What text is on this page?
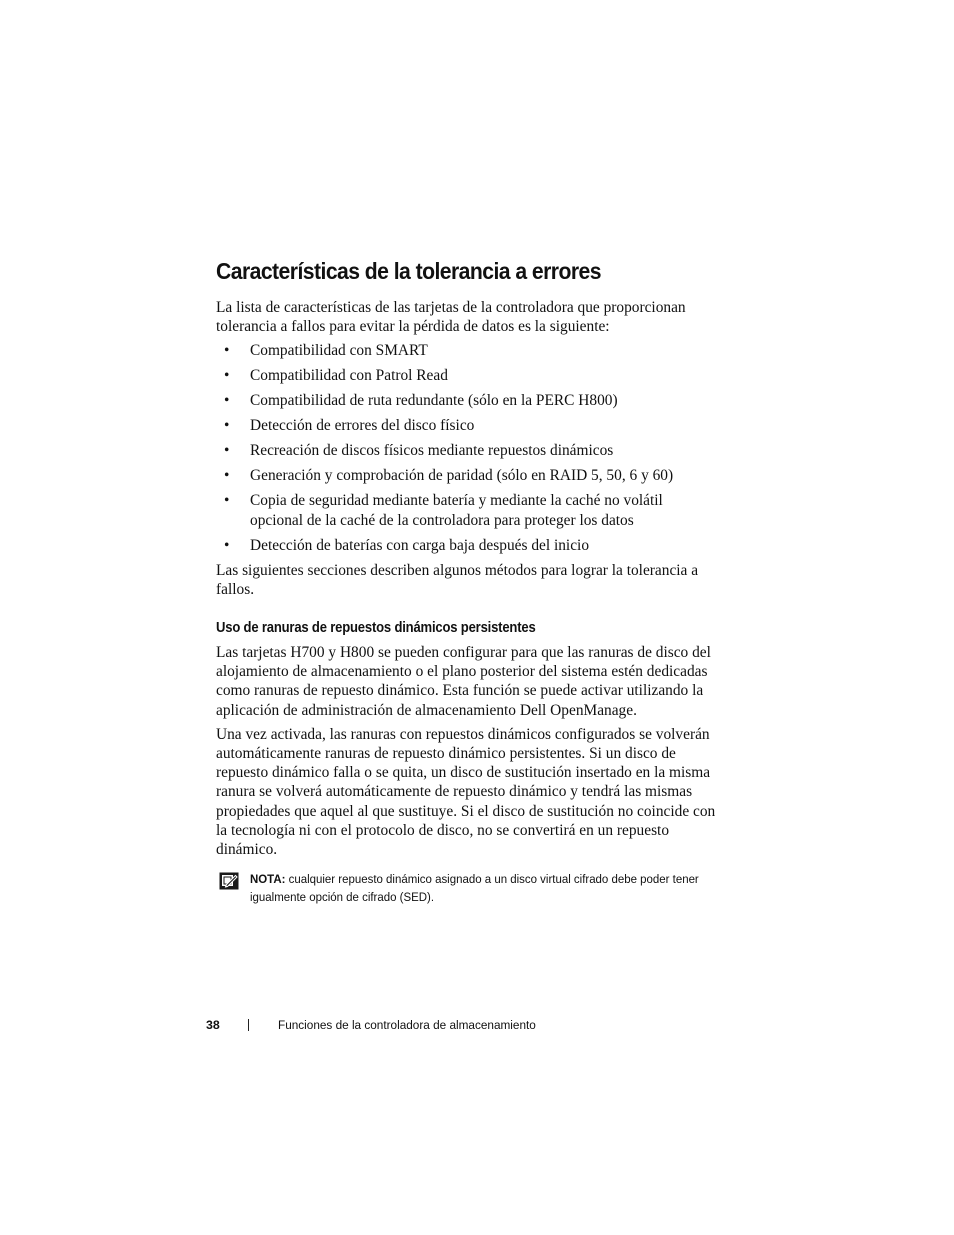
Características de la tolerancia a errores

La lista de características de las tarjetas de la controladora que proporcionan tolerancia a fallos para evitar la pérdida de datos es la siguiente:

• Compatibilidad con SMART
• Compatibilidad con Patrol Read
• Compatibilidad de ruta redundante (sólo en la PERC H800)
• Detección de errores del disco físico
• Recreación de discos físicos mediante repuestos dinámicos
• Generación y comprobación de paridad (sólo en RAID 5, 50, 6 y 60)
• Copia de seguridad mediante batería y mediante la caché no volátil opcional de la caché de la controladora para proteger los datos
• Detección de baterías con carga baja después del inicio

Las siguientes secciones describen algunos métodos para lograr la tolerancia a fallos.

Uso de ranuras de repuestos dinámicos persistentes

Las tarjetas H700 y H800 se pueden configurar para que las ranuras de disco del alojamiento de almacenamiento o el plano posterior del sistema estén dedicadas como ranuras de repuesto dinámico. Esta función se puede activar utilizando la aplicación de administración de almacenamiento Dell OpenManage.

Una vez activada, las ranuras con repuestos dinámicos configurados se volverán automáticamente ranuras de repuesto dinámico persistentes. Si un disco de repuesto dinámico falla o se quita, un disco de sustitución insertado en la misma ranura se volverá automáticamente de repuesto dinámico y tendrá las mismas propiedades que aquel al que sustituye. Si el disco de sustitución no coincide con la tecnología ni con el protocolo de disco, no se convertirá en un repuesto dinámico.

NOTA: cualquier repuesto dinámico asignado a un disco virtual cifrado debe poder tener igualmente opción de cifrado (SED).
38	Funciones de la controladora de almacenamiento
